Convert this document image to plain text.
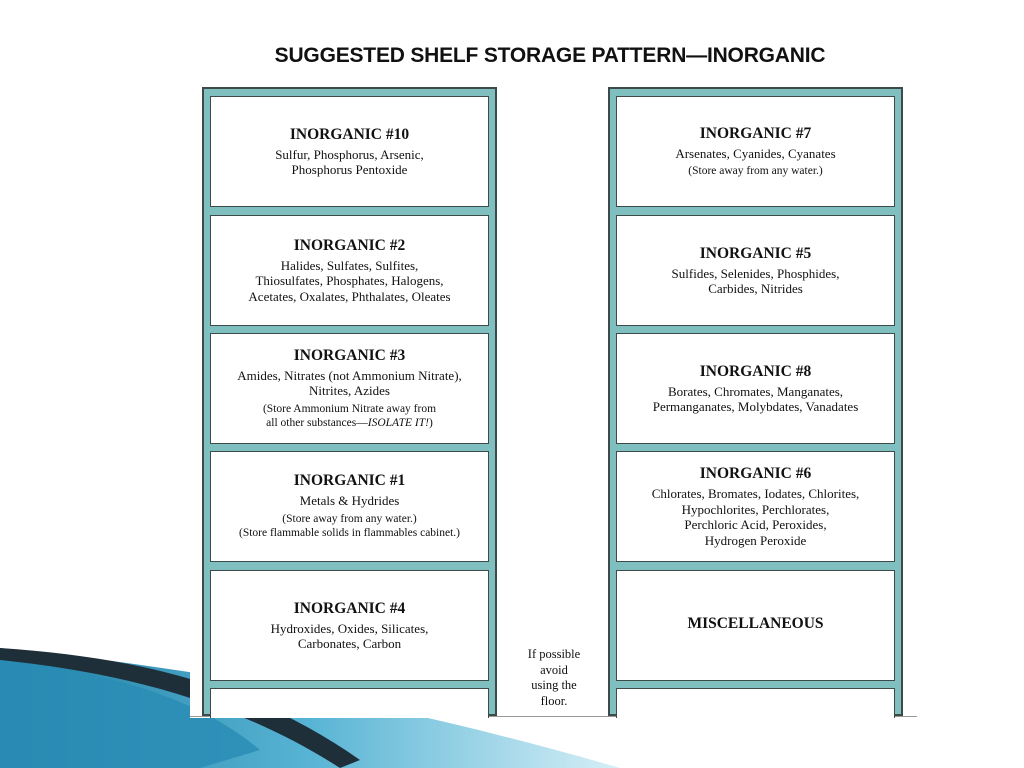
SUGGESTED SHELF STORAGE PATTERN—INORGANIC
INORGANIC #10
Sulfur, Phosphorus, Arsenic,
Phosphorus Pentoxide
INORGANIC #2
Halides, Sulfates, Sulfites,
Thiosulfates, Phosphates, Halogens,
Acetates, Oxalates, Phthalates, Oleates
INORGANIC #3
Amides, Nitrates (not Ammonium Nitrate),
Nitrites, Azides
(Store Ammonium Nitrate away from
all other substances—ISOLATE IT!)
INORGANIC #1
Metals & Hydrides
(Store away from any water.)
(Store flammable solids in flammables cabinet.)
INORGANIC #4
Hydroxides, Oxides, Silicates,
Carbonates, Carbon
INORGANIC #7
Arsenates, Cyanides, Cyanates
(Store away from any water.)
INORGANIC #5
Sulfides, Selenides, Phosphides,
Carbides, Nitrides
INORGANIC #8
Borates, Chromates, Manganates,
Permanganates, Molybdates, Vanadates
INORGANIC #6
Chlorates, Bromates, Iodates, Chlorites,
Hypochlorites, Perchlorates,
Perchloric Acid, Peroxides,
Hydrogen Peroxide
MISCELLANEOUS
If possible
avoid
using the
floor.
